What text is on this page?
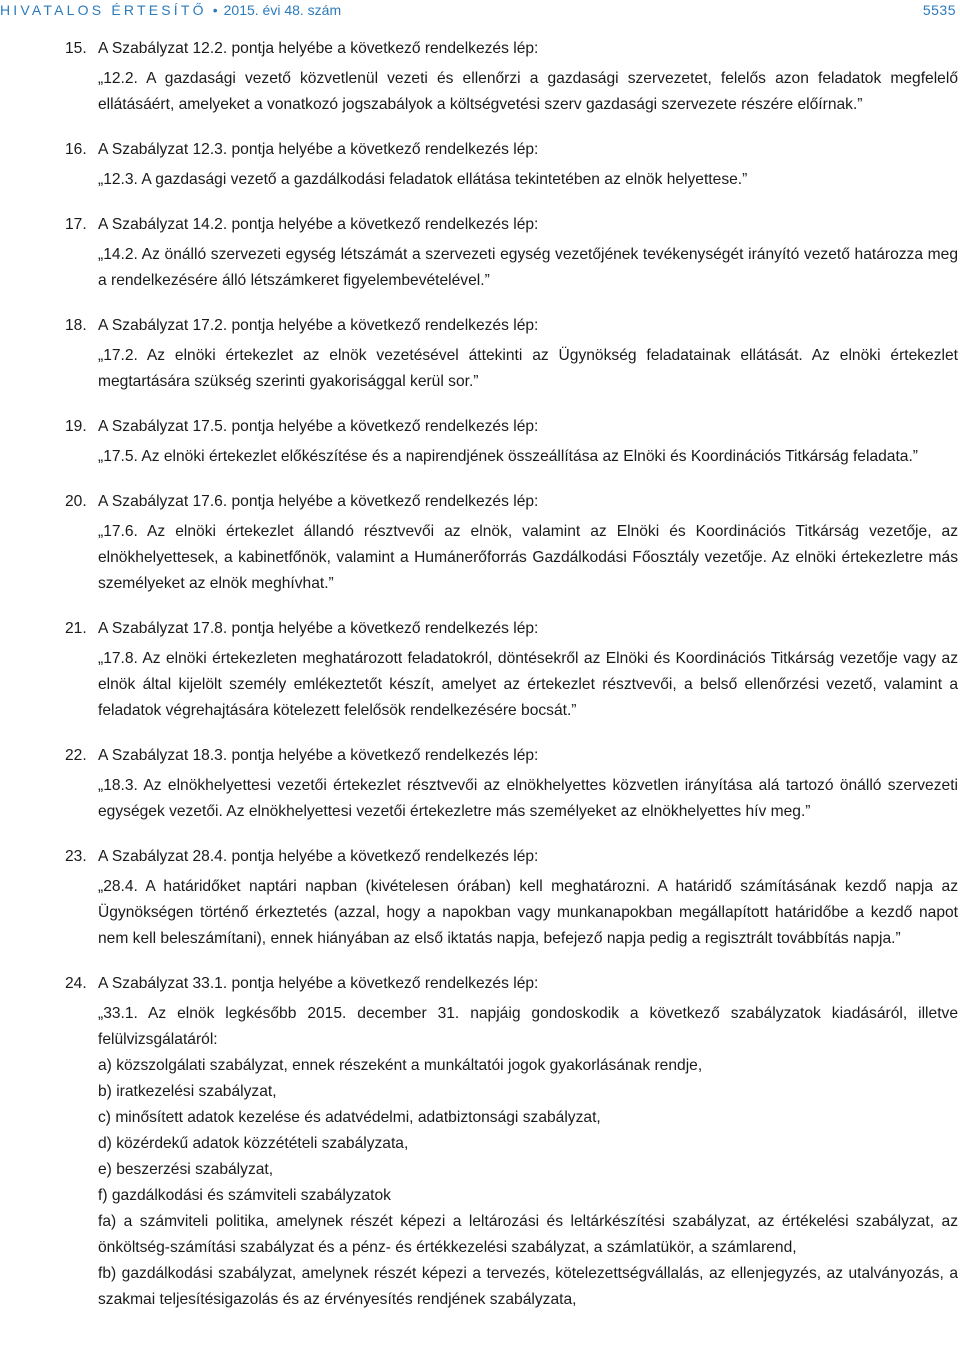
HIVATALOS ÉRTESÍTŐ • 2015. évi 48. szám	5535
15. A Szabályzat 12.2. pontja helyébe a következő rendelkezés lép:

„12.2. A gazdasági vezető közvetlenül vezeti és ellenőrzi a gazdasági szervezetet, felelős azon feladatok megfelelő ellátásáért, amelyeket a vonatkozó jogszabályok a költségvetési szerv gazdasági szervezete részére előírnak.”

16. A Szabályzat 12.3. pontja helyébe a következő rendelkezés lép:

„12.3. A gazdasági vezető a gazdálkodási feladatok ellátása tekintetében az elnök helyettese.”

17. A Szabályzat 14.2. pontja helyébe a következő rendelkezés lép:

„14.2. Az önálló szervezeti egység létszámát a szervezeti egység vezetőjének tevékenységét irányító vezető határozza meg a rendelkezésére álló létszámkeret figyelembevételével.”

18. A Szabályzat 17.2. pontja helyébe a következő rendelkezés lép:

„17.2. Az elnöki értekezlet az elnök vezetésével áttekinti az Ügynökség feladatainak ellátását. Az elnöki értekezlet megtartására szükség szerinti gyakorisággal kerül sor.”

19. A Szabályzat 17.5. pontja helyébe a következő rendelkezés lép:

„17.5. Az elnöki értekezlet előkészítése és a napirendjének összeállítása az Elnöki és Koordinációs Titkárság feladata.”

20. A Szabályzat 17.6. pontja helyébe a következő rendelkezés lép:

„17.6. Az elnöki értekezlet állandó résztvevői az elnök, valamint az Elnöki és Koordinációs Titkárság vezetője, az elnökhelyettesek, a kabinetfőnök, valamint a Humánerőforrás Gazdálkodási Főosztály vezetője. Az elnöki értekezletre más személyeket az elnök meghívhat.”

21. A Szabályzat 17.8. pontja helyébe a következő rendelkezés lép:

„17.8. Az elnöki értekezleten meghatározott feladatokról, döntésekről az Elnöki és Koordinációs Titkárság vezetője vagy az elnök által kijelölt személy emlékeztetőt készít, amelyet az értekezlet résztvevői, a belső ellenőrzési vezető, valamint a feladatok végrehajtására kötelezett felelősök rendelkezésére bocsát.”

22. A Szabályzat 18.3. pontja helyébe a következő rendelkezés lép:

„18.3. Az elnökhelyettesi vezetői értekezlet résztvevői az elnökhelyettes közvetlen irányítása alá tartozó önálló szervezeti egységek vezetői. Az elnökhelyettesi vezetői értekezletre más személyeket az elnökhelyettes hív meg.”

23. A Szabályzat 28.4. pontja helyébe a következő rendelkezés lép:

„28.4. A határidőket naptári napban (kivételesen órában) kell meghatározni. A határidő számításának kezdő napja az Ügynökségen történő érkeztetés (azzal, hogy a napokban vagy munkanapokban megállapított határidőbe a kezdő napot nem kell beleszámítani), ennek hiányában az első iktatás napja, befejező napja pedig a regisztrált továbbítás napja.”

24. A Szabályzat 33.1. pontja helyébe a következő rendelkezés lép:

„33.1. Az elnök legkésőbb 2015. december 31. napjáig gondoskodik a következő szabályzatok kiadásáról, illetve felülvizsgálatáról:

a) közszolgálati szabályzat, ennek részeként a munkáltatói jogok gyakorlásának rendje,

b) iratkezelési szabályzat,

c) minősített adatok kezelése és adatvédelmi, adatbiztonsági szabályzat,

d) közérdekű adatok közzétételi szabályzata,

e) beszerzési szabályzat,

f) gazdálkodási és számviteli szabályzatok

fa) a számviteli politika, amelynek részét képezi a leltározási és leltárkészítési szabályzat, az értékelési szabályzat, az önköltség-számítási szabályzat és a pénz- és értékkezelési szabályzat, a számlatükör, a számlarend,

fb) gazdálkodási szabályzat, amelynek részét képezi a tervezés, kötelezettségvállalás, az ellenjegyzés, az utalványozás, a szakmai teljesítésigazolás és az érvényesítés rendjének szabályzata,
